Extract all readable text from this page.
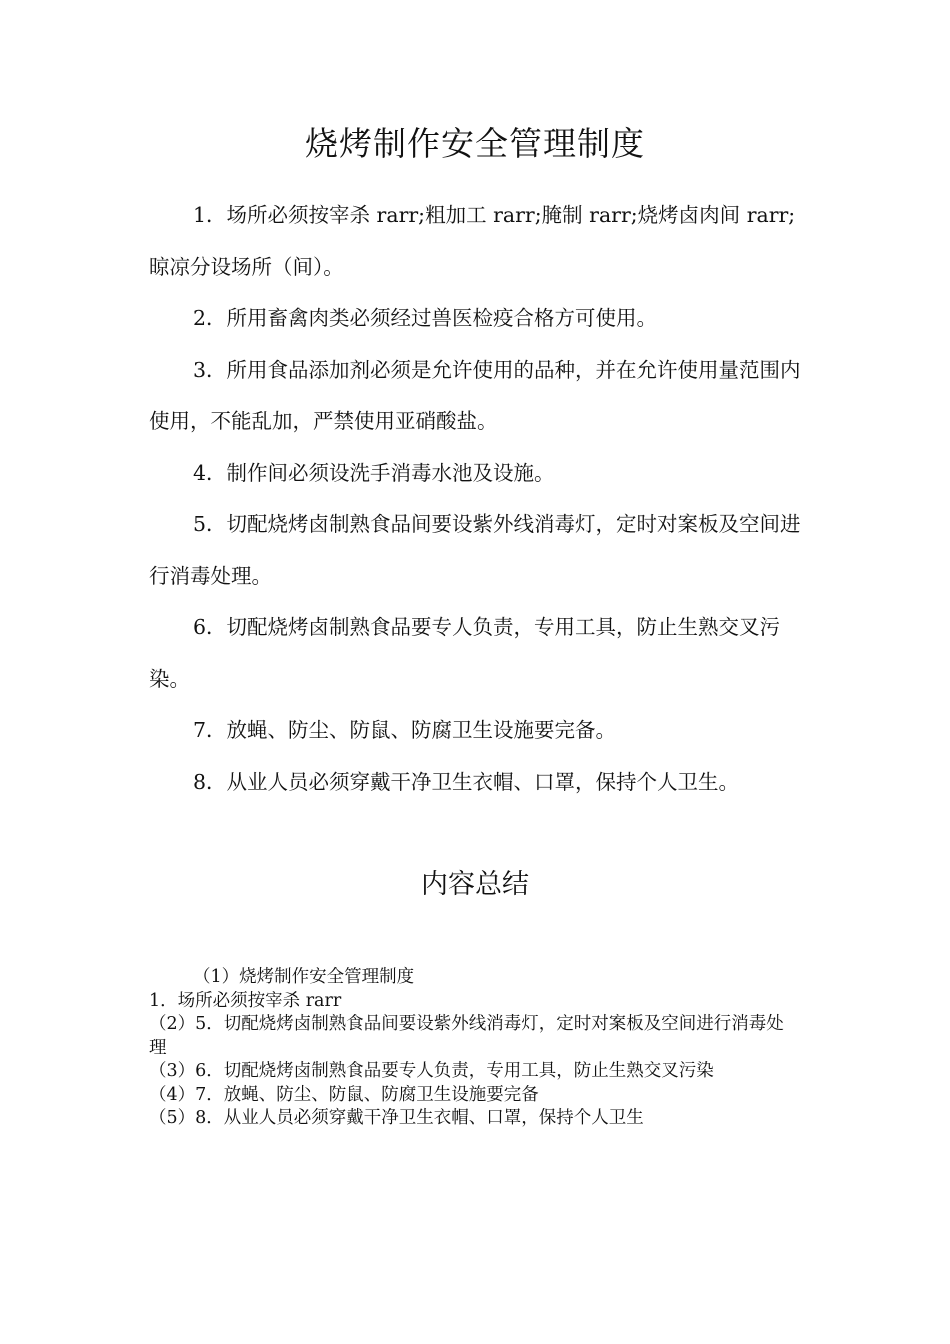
烧烤制作安全管理制度

1．场所必须按宰杀 rarr;粗加工 rarr;腌制 rarr;烧烤卤肉间 rarr;晾凉分设场所（间）。

2．所用畜禽肉类必须经过兽医检疫合格方可使用。

3．所用食品添加剂必须是允许使用的品种，并在允许使用量范围内使用，不能乱加，严禁使用亚硝酸盐。

4．制作间必须设洗手消毒水池及设施。

5．切配烧烤卤制熟食品间要设紫外线消毒灯，定时对案板及空间进行消毒处理。

6．切配烧烤卤制熟食品要专人负责，专用工具，防止生熟交叉污染。

7．放蝇、防尘、防鼠、防腐卫生设施要完备。

8．从业人员必须穿戴干净卫生衣帽、口罩，保持个人卫生。

内容总结

（1）烧烤制作安全管理制度

1．场所必须按宰杀 rarr

（2）5．切配烧烤卤制熟食品间要设紫外线消毒灯，定时对案板及空间进行消毒处理

（3）6．切配烧烤卤制熟食品要专人负责，专用工具，防止生熟交叉污染

（4）7．放蝇、防尘、防鼠、防腐卫生设施要完备

（5）8．从业人员必须穿戴干净卫生衣帽、口罩，保持个人卫生
